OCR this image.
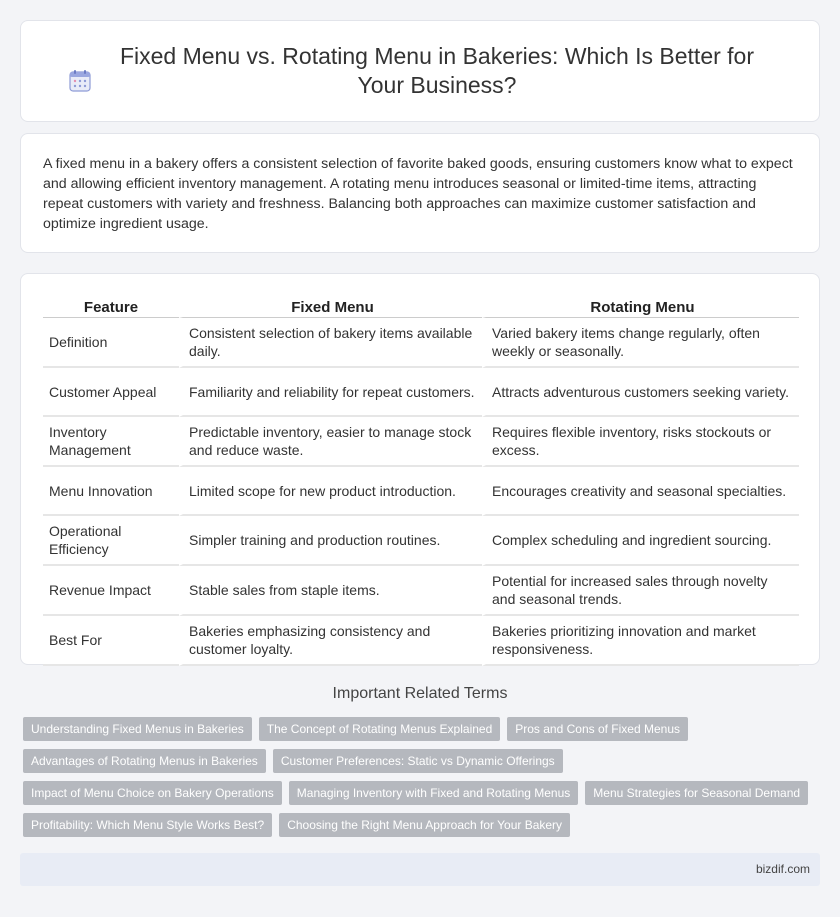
Fixed Menu vs. Rotating Menu in Bakeries: Which Is Better for Your Business?

A fixed menu in a bakery offers a consistent selection of favorite baked goods, ensuring customers know what to expect and allowing efficient inventory management. A rotating menu introduces seasonal or limited-time items, attracting repeat customers with variety and freshness. Balancing both approaches can maximize customer satisfaction and optimize ingredient usage.

Feature	Fixed Menu	Rotating Menu
Definition	Consistent selection of bakery items available daily.	Varied bakery items change regularly, often weekly or seasonally.
Customer Appeal	Familiarity and reliability for repeat customers.	Attracts adventurous customers seeking variety.
Inventory Management	Predictable inventory, easier to manage stock and reduce waste.	Requires flexible inventory, risks stockouts or excess.
Menu Innovation	Limited scope for new product introduction.	Encourages creativity and seasonal specialties.
Operational Efficiency	Simpler training and production routines.	Complex scheduling and ingredient sourcing.
Revenue Impact	Stable sales from staple items.	Potential for increased sales through novelty and seasonal trends.
Best For	Bakeries emphasizing consistency and customer loyalty.	Bakeries prioritizing innovation and market responsiveness.
Important Related Terms
Understanding Fixed Menus in Bakeries	The Concept of Rotating Menus Explained	Pros and Cons of Fixed Menus
Advantages of Rotating Menus in Bakeries	Customer Preferences: Static vs Dynamic Offerings
Impact of Menu Choice on Bakery Operations	Managing Inventory with Fixed and Rotating Menus	Menu Strategies for Seasonal Demand
Profitability: Which Menu Style Works Best?	Choosing the Right Menu Approach for Your Bakery
bizdif.com
